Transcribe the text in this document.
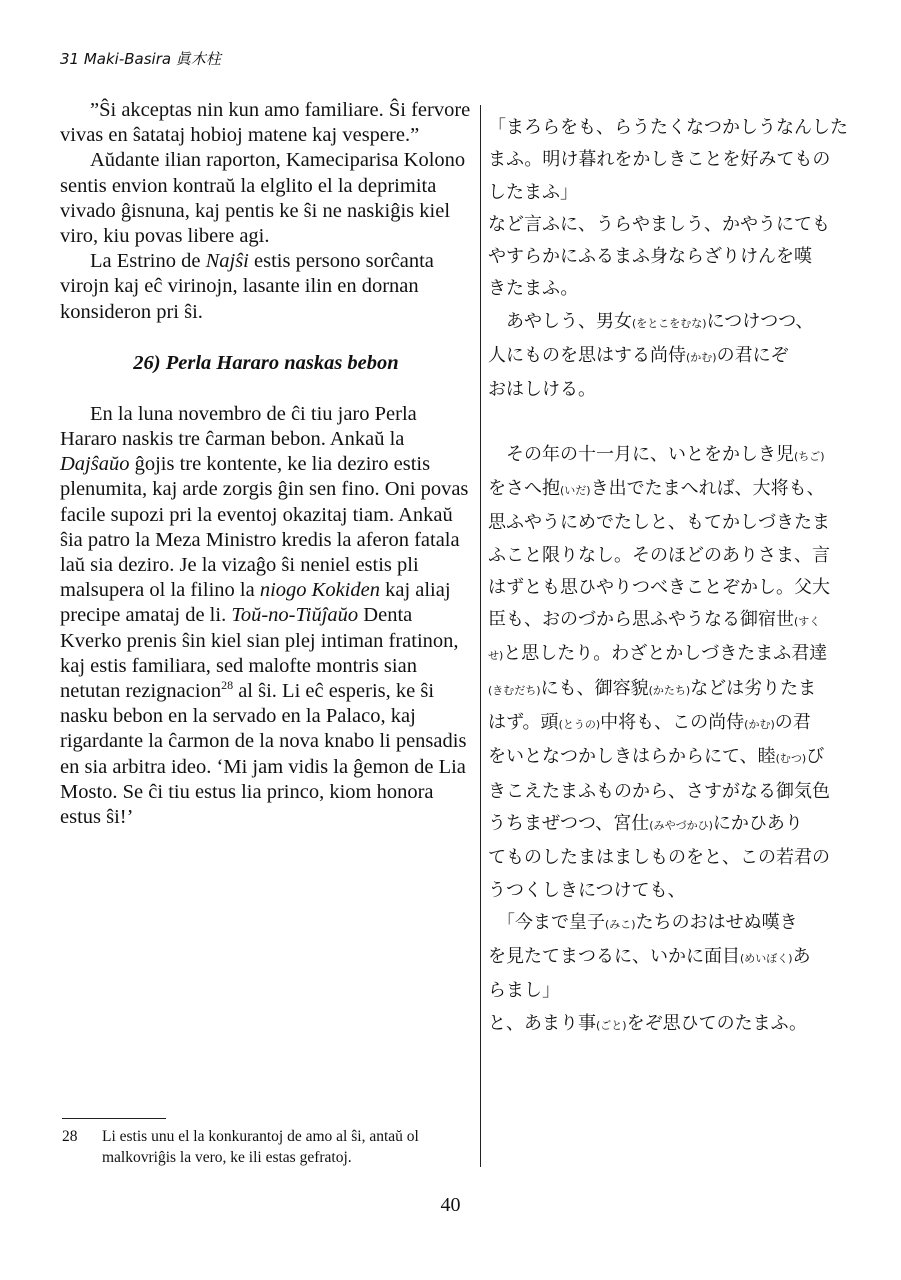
31 Maki-Basira 眞木柱

”Ŝi akceptas nin kun amo familiare. Ŝi fervore vivas en ŝatataj hobioj matene kaj vespere.”

Aŭdante ilian raporton, Kameciparisa Kolono sentis envion kontraŭ la elglito el la deprimita vivado ĝisnuna, kaj pentis ke ŝi ne naskiĝis kiel viro, kiu povas libere agi.

La Estrino de Najŝi estis persono sorĉanta virojn kaj eĉ virinojn, lasante ilin en dornan konsideron pri ŝi.

26) Perla Hararo naskas bebon

En la luna novembro de ĉi tiu jaro Perla Hararo naskis tre ĉarman bebon. Ankaŭ la Dajŝaŭo ĝojis tre kontente, ke lia deziro estis plenumita, kaj arde zorgis ĝin sen fino. Oni povas facile supozi pri la eventoj okazitaj tiam. Ankaŭ ŝia patro la Meza Ministro kredis la aferon fatala laŭ sia deziro. Je la vizaĝo ŝi neniel estis pli malsupera ol la filino la niogo Kokiden kaj aliaj precipe amataj de li. Toŭ-no-Tiŭĵaŭo Denta Kverko prenis ŝin kiel sian plej intiman fratinon, kaj estis familiara, sed malofte montris sian netutan rezignacion$^{28}$ al ŝi. Li eĉ esperis, ke ŝi nasku bebon en la servado en la Palaco, kaj rigardante la ĉarmon de la nova knabo li pensadis en sia arbitra ideo. ‘Mi jam vidis la ĝemon de Lia Mosto. Se ĉi tiu estus lia princo, kiom honora estus ŝi!’

「まろらをも、らうたくなつかしうなんした
まふ。明け暮れをかしきことを好みてもの
したまふ」
など言ふに、うらやましう、かやうにても
やすらかにふるまふ身ならざりけんを嘆
きたまふ。

　あやしう、男女(をとこをむな)につけつつ、
人にものを思はする尚侍(かむ)の君にぞ
おはしける。

　その年の十一月に、いとをかしき児(ちご)
をさへ抱(いだ)き出でたまへれば、大将も、
思ふやうにめでたしと、もてかしづきたま
ふこと限りなし。そのほどのありさま、言
はずとも思ひやりつべきことぞかし。父大
臣も、おのづから思ふやうなる御宿世(すく
せ)と思したり。わざとかしづきたまふ君達
(きむだち)にも、御容貌(かたち)などは劣りたま
はず。頭(とうの)中将も、この尚侍(かむ)の君
をいとなつかしきはらからにて、睦(むつ)び
きこえたまふものから、さすがなる御気色
うちまぜつつ、宮仕(みやづかひ)にかひあり
てものしたまはましものをと、この若君の
うつくしきにつけても、

　「今まで皇子(みこ)たちのおはせぬ嘆き
を見たてまつるに、いかに面目(めいぼく)あ
らまし」
と、あまり事(ごと)をぞ思ひてのたまふ。

28	Li estis unu el la konkurantoj de amo al ŝi, antaŭ ol malkovriĝis la vero, ke ili estas gefratoj.
40
